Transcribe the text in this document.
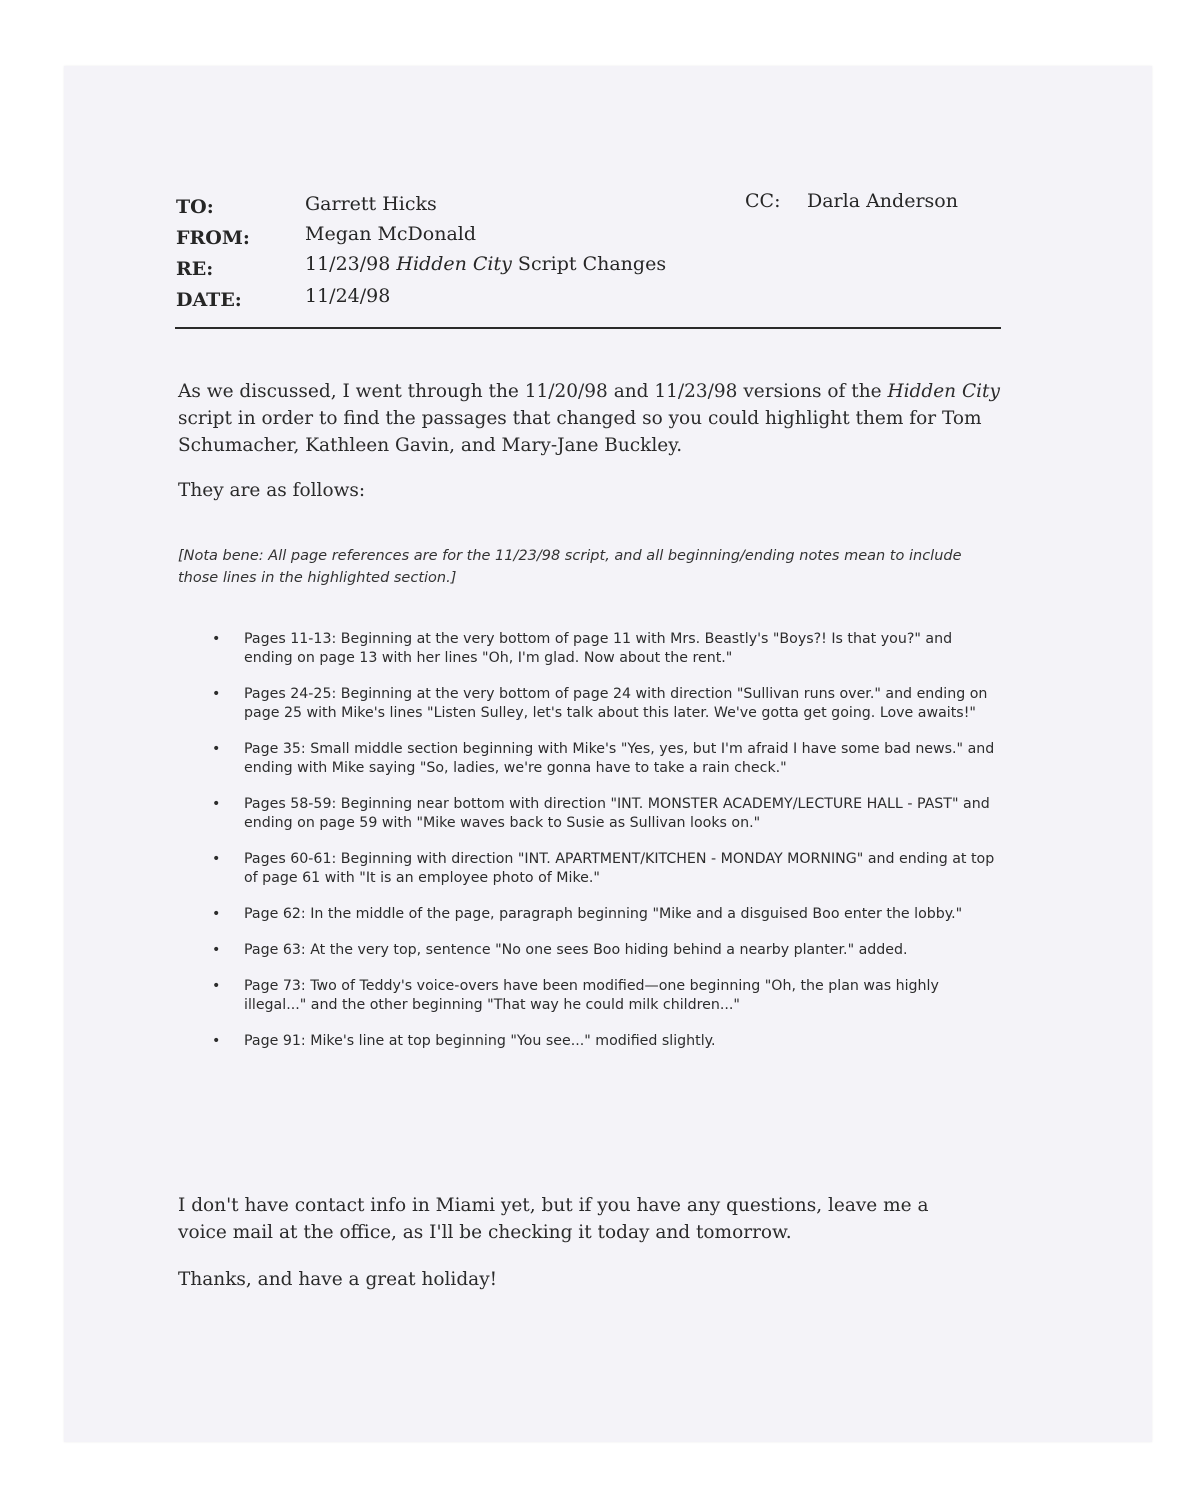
TO:	Garrett Hicks
FROM:	Megan McDonald
RE:	11/23/98 Hidden City Script Changes
DATE:	11/24/98
CC: Darla Anderson

As we discussed, I went through the 11/20/98 and 11/23/98 versions of the Hidden City script in order to find the passages that changed so you could highlight them for Tom Schumacher, Kathleen Gavin, and Mary-Jane Buckley.

They are as follows:

[Nota bene: All page references are for the 11/23/98 script, and all beginning/ending notes mean to include those lines in the highlighted section.]

• Pages 11-13: Beginning at the very bottom of page 11 with Mrs. Beastly's "Boys?! Is that you?" and ending on page 13 with her lines "Oh, I'm glad. Now about the rent."
• Pages 24-25: Beginning at the very bottom of page 24 with direction "Sullivan runs over." and ending on page 25 with Mike's lines "Listen Sulley, let's talk about this later. We've gotta get going. Love awaits!"
• Page 35: Small middle section beginning with Mike's "Yes, yes, but I'm afraid I have some bad news." and ending with Mike saying "So, ladies, we're gonna have to take a rain check."
• Pages 58-59: Beginning near bottom with direction "INT. MONSTER ACADEMY/LECTURE HALL - PAST" and ending on page 59 with "Mike waves back to Susie as Sullivan looks on."
• Pages 60-61: Beginning with direction "INT. APARTMENT/KITCHEN - MONDAY MORNING" and ending at top of page 61 with "It is an employee photo of Mike."
• Page 62: In the middle of the page, paragraph beginning "Mike and a disguised Boo enter the lobby."
• Page 63: At the very top, sentence "No one sees Boo hiding behind a nearby planter." added.
• Page 73: Two of Teddy's voice-overs have been modified—one beginning "Oh, the plan was highly illegal..." and the other beginning "That way he could milk children..."
• Page 91: Mike's line at top beginning "You see..." modified slightly.

I don't have contact info in Miami yet, but if you have any questions, leave me a voice mail at the office, as I'll be checking it today and tomorrow.

Thanks, and have a great holiday!
